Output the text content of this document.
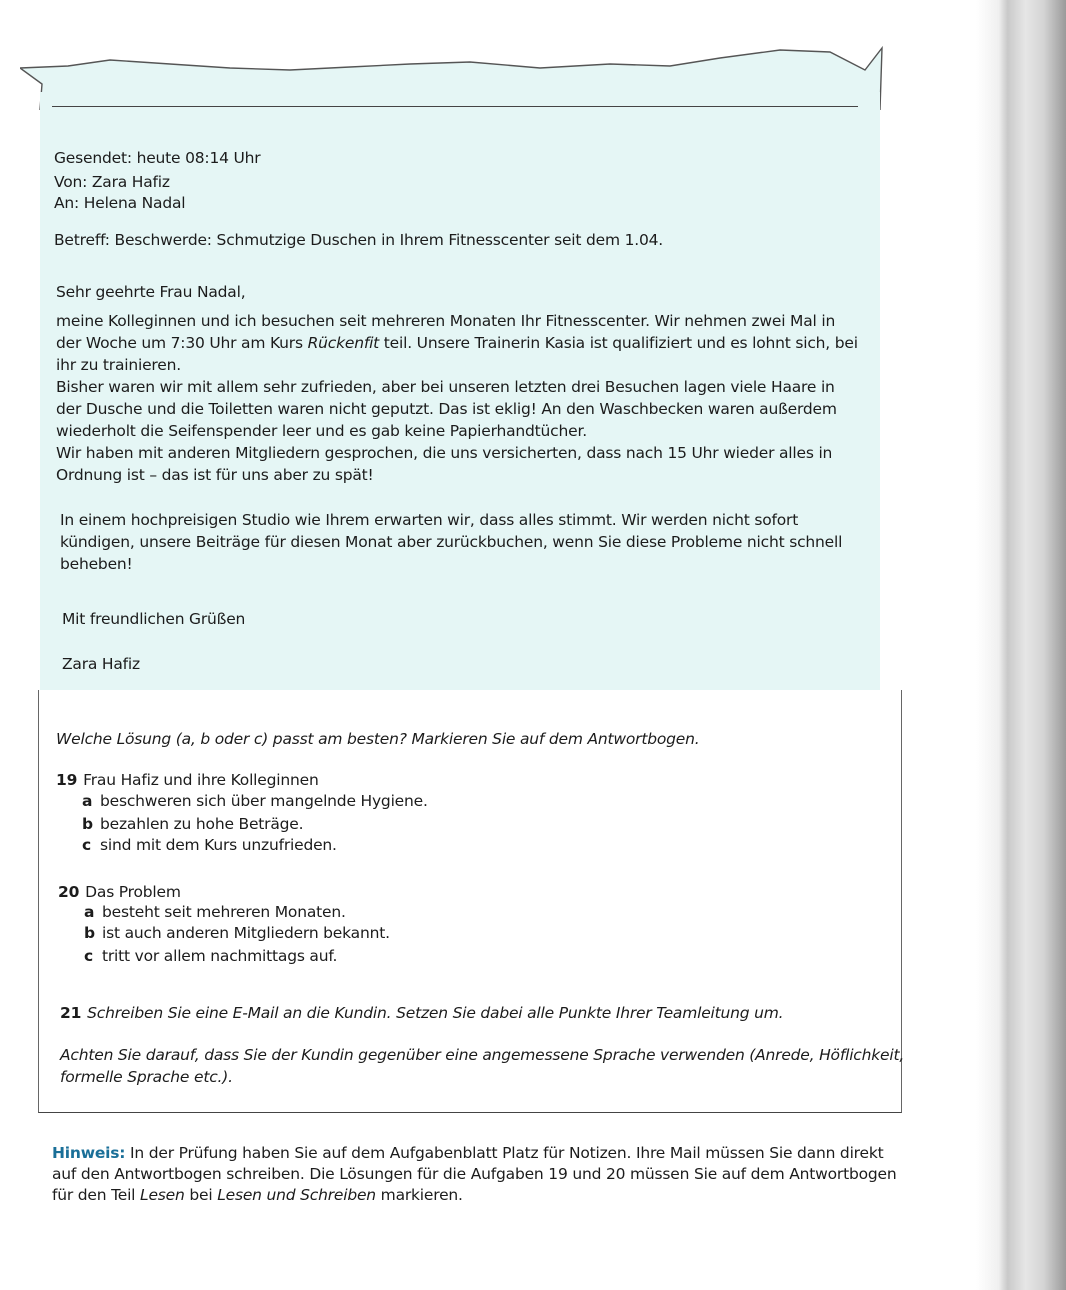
Gesendet: heute 08:14 Uhr
Von: Zara Hafiz
An: Helena Nadal
Betreff: Beschwerde: Schmutzige Duschen in Ihrem Fitnesscenter seit dem 1.04.
Sehr geehrte Frau Nadal,
meine Kolleginnen und ich besuchen seit mehreren Monaten Ihr Fitnesscenter. Wir nehmen zwei Mal in
der Woche um 7:30 Uhr am Kurs Rückenfit teil. Unsere Trainerin Kasia ist qualifiziert und es lohnt sich, bei
ihr zu trainieren.
Bisher waren wir mit allem sehr zufrieden, aber bei unseren letzten drei Besuchen lagen viele Haare in
der Dusche und die Toiletten waren nicht geputzt. Das ist eklig! An den Waschbecken waren außerdem
wiederholt die Seifenspender leer und es gab keine Papierhandtücher.
Wir haben mit anderen Mitgliedern gesprochen, die uns versicherten, dass nach 15 Uhr wieder alles in
Ordnung ist – das ist für uns aber zu spät!
In einem hochpreisigen Studio wie Ihrem erwarten wir, dass alles stimmt. Wir werden nicht sofort
kündigen, unsere Beiträge für diesen Monat aber zurückbuchen, wenn Sie diese Probleme nicht schnell
beheben!
Mit freundlichen Grüßen
Zara Hafiz
Welche Lösung (a, b oder c) passt am besten? Markieren Sie auf dem Antwortbogen.
19 Frau Hafiz und ihre Kolleginnen
a beschweren sich über mangelnde Hygiene.
b bezahlen zu hohe Beträge.
c sind mit dem Kurs unzufrieden.
20 Das Problem
a besteht seit mehreren Monaten.
b ist auch anderen Mitgliedern bekannt.
c tritt vor allem nachmittags auf.
21 Schreiben Sie eine E-Mail an die Kundin. Setzen Sie dabei alle Punkte Ihrer Teamleitung um.
Achten Sie darauf, dass Sie der Kundin gegenüber eine angemessene Sprache verwenden (Anrede, Höflichkeit,
formelle Sprache etc.).
Hinweis: In der Prüfung haben Sie auf dem Aufgabenblatt Platz für Notizen. Ihre Mail müssen Sie dann direkt
auf den Antwortbogen schreiben. Die Lösungen für die Aufgaben 19 und 20 müssen Sie auf dem Antwortbogen
für den Teil Lesen bei Lesen und Schreiben markieren.
